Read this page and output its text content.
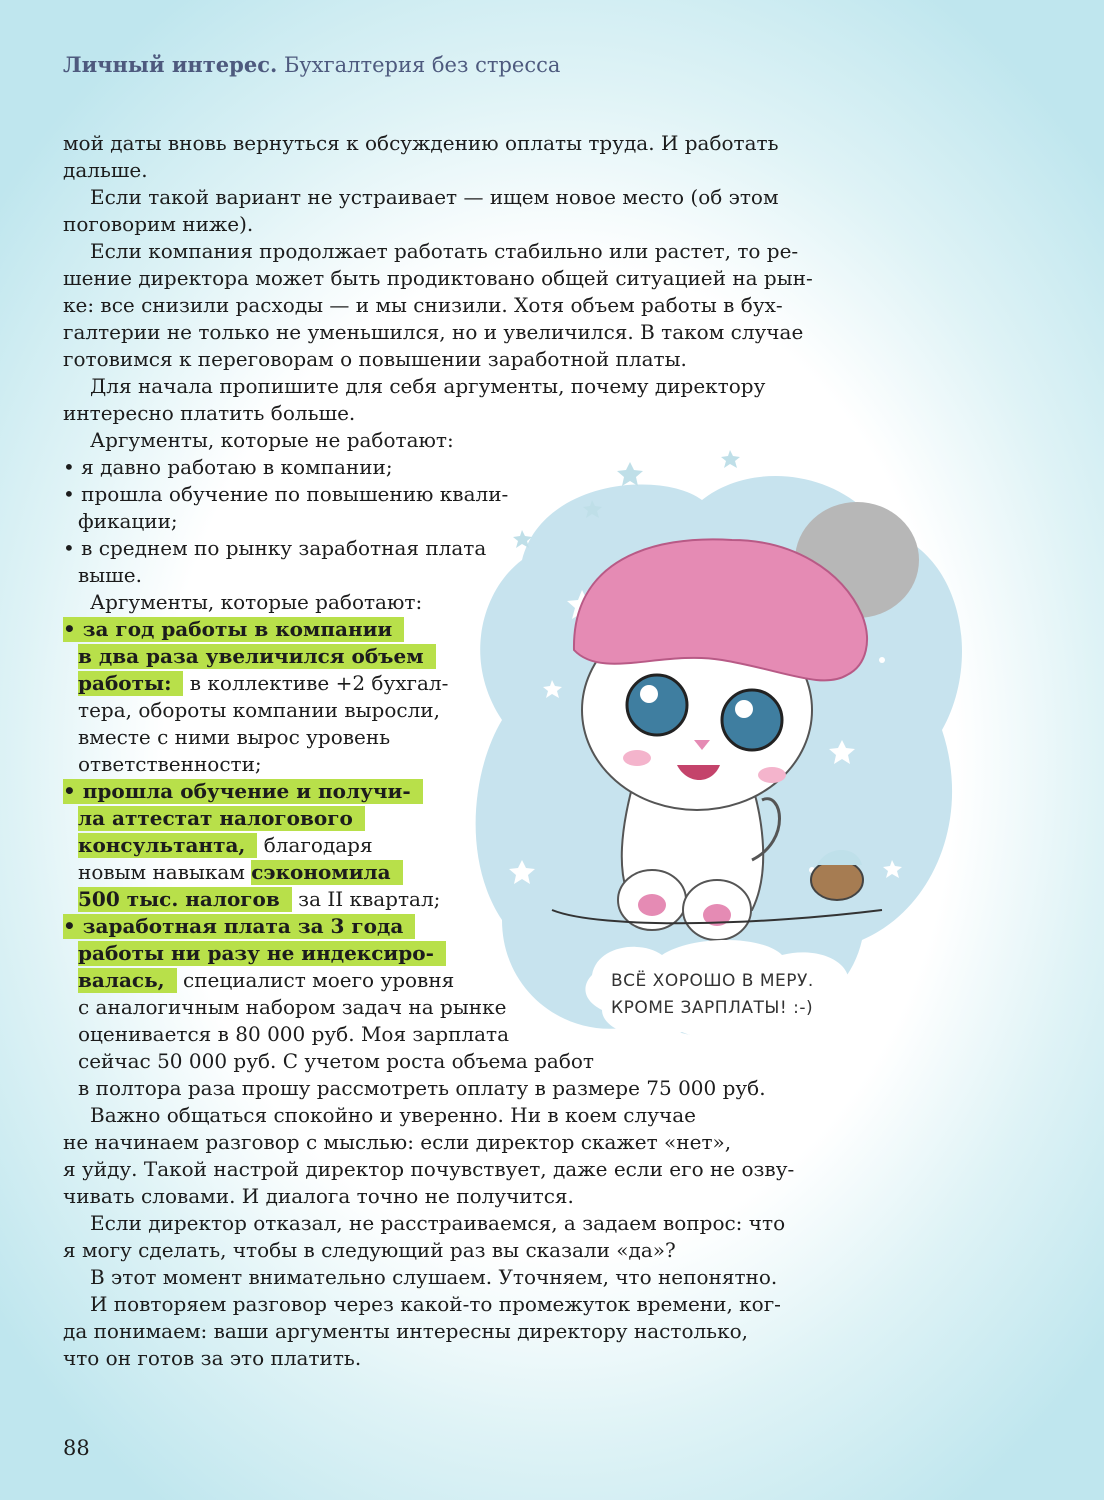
Личный интерес. Бухгалтерия без стресса
мой даты вновь вернуться к обсуждению оплаты труда. И работать
дальше.
Если такой вариант не устраивает — ищем новое место (об этом
поговорим ниже).
Если компания продолжает работать стабильно или растет, то ре-
шение директора может быть продиктовано общей ситуацией на рын-
ке: все снизили расходы — и мы снизили. Хотя объем работы в бух-
галтерии не только не уменьшился, но и увеличился. В таком случае
готовимся к переговорам о повышении заработной платы.
Для начала пропишите для себя аргументы, почему директору
интересно платить больше.
Аргументы, которые не работают:
• я давно работаю в компании;
• прошла обучение по повышению квали-
фикации;
• в среднем по рынку заработная плата
выше.
Аргументы, которые работают:
• за год работы в компании
в два раза увеличился объем
работы: в коллективе +2 бухгал-
тера, обороты компании выросли,
вместе с ними вырос уровень
ответственности;
• прошла обучение и получи-
ла аттестат налогового
консультанта, благодаря
новым навыкам сэкономила
500 тыс. налогов за II квартал;
• заработная плата за 3 года
работы ни разу не индексиро-
валась, специалист моего уровня
с аналогичным набором задач на рынке
оценивается в 80 000 руб. Моя зарплата
сейчас 50 000 руб. С учетом роста объема работ
в полтора раза прошу рассмотреть оплату в размере 75 000 руб.
Важно общаться спокойно и уверенно. Ни в коем случае
не начинаем разговор с мыслью: если директор скажет «нет»,
я уйду. Такой настрой директор почувствует, даже если его не озву-
чивать словами. И диалога точно не получится.
Если директор отказал, не расстраиваемся, а задаем вопрос: что
я могу сделать, чтобы в следующий раз вы сказали «да»?
В этот момент внимательно слушаем. Уточняем, что непонятно.
И повторяем разговор через какой-то промежуток времени, ког-
да понимаем: ваши аргументы интересны директору настолько,
что он готов за это платить.
ВСЁ ХОРОШО В МЕРУ.
КРОМЕ ЗАРПЛАТЫ! :-)
88
